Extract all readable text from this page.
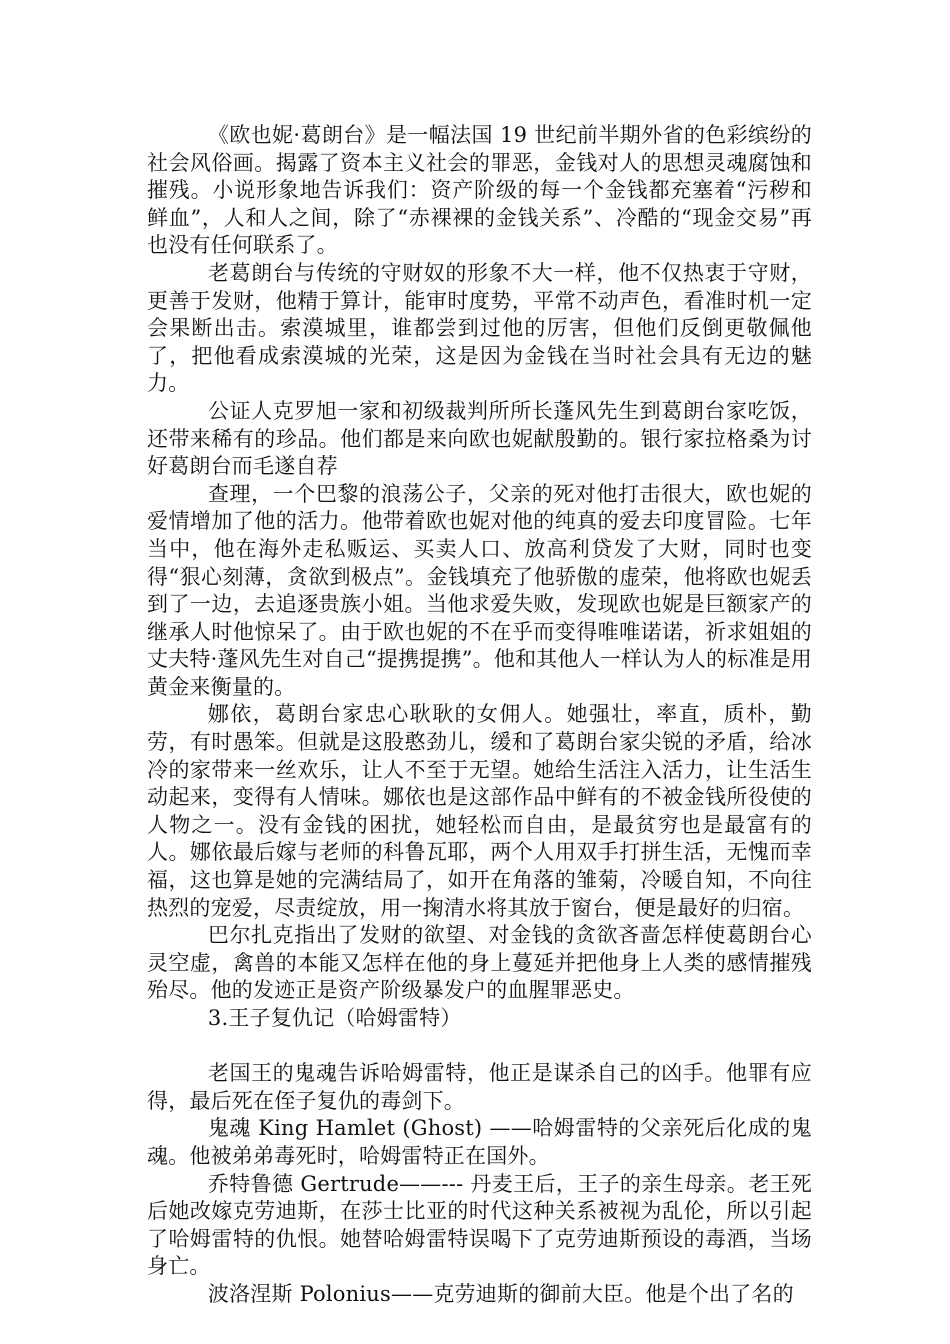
《欧也妮·葛朗台》是一幅法国 19 世纪前半期外省的色彩缤纷的社会风俗画。揭露了资本主义社会的罪恶，金钱对人的思想灵魂腐蚀和摧残。小说形象地告诉我们：资产阶级的每一个金钱都充塞着“污秽和鲜血”，人和人之间，除了“赤裸裸的金钱关系”、冷酷的“现金交易”再也没有任何联系了。

老葛朗台与传统的守财奴的形象不大一样，他不仅热衷于守财，更善于发财，他精于算计，能审时度势，平常不动声色，看准时机一定会果断出击。索漠城里，谁都尝到过他的厉害，但他们反倒更敬佩他了，把他看成索漠城的光荣，这是因为金钱在当时社会具有无边的魅力。

公证人克罗旭一家和初级裁判所所长蓬风先生到葛朗台家吃饭，还带来稀有的珍品。他们都是来向欧也妮献殷勤的。银行家拉格桑为讨好葛朗台而毛遂自荐

查理，一个巴黎的浪荡公子，父亲的死对他打击很大，欧也妮的爱情增加了他的活力。他带着欧也妮对他的纯真的爱去印度冒险。七年当中，他在海外走私贩运、买卖人口、放高利贷发了大财，同时也变得“狠心刻薄，贪欲到极点”。金钱填充了他骄傲的虚荣，他将欧也妮丢到了一边，去追逐贵族小姐。当他求爱失败，发现欧也妮是巨额家产的继承人时他惊呆了。由于欧也妮的不在乎而变得唯唯诺诺，祈求姐姐的丈夫特·蓬风先生对自己“提携提携”。他和其他人一样认为人的标准是用黄金来衡量的。

娜依，葛朗台家忠心耿耿的女佣人。她强壮，率直，质朴，勤劳，有时愚笨。但就是这股憨劲儿，缓和了葛朗台家尖锐的矛盾，给冰冷的家带来一丝欢乐，让人不至于无望。她给生活注入活力，让生活生动起来，变得有人情味。娜依也是这部作品中鲜有的不被金钱所役使的人物之一。没有金钱的困扰，她轻松而自由，是最贫穷也是最富有的人。娜依最后嫁与老师的科鲁瓦耶，两个人用双手打拼生活，无愧而幸福，这也算是她的完满结局了，如开在角落的雏菊，冷暖自知，不向往热烈的宠爱，尽责绽放，用一掬清水将其放于窗台，便是最好的归宿。

巴尔扎克指出了发财的欲望、对金钱的贪欲吝啬怎样使葛朗台心灵空虚，禽兽的本能又怎样在他的身上蔓延并把他身上人类的感情摧残殆尽。他的发迹正是资产阶级暴发户的血腥罪恶史。

3.王子复仇记（哈姆雷特）

老国王的鬼魂告诉哈姆雷特，他正是谋杀自己的凶手。他罪有应得，最后死在侄子复仇的毒剑下。

鬼魂 King Hamlet (Ghost) ——哈姆雷特的父亲死后化成的鬼魂。他被弟弟毒死时，哈姆雷特正在国外。

乔特鲁德 Gertrude——--- 丹麦王后，王子的亲生母亲。老王死后她改嫁克劳迪斯，在莎士比亚的时代这种关系被视为乱伦，所以引起了哈姆雷特的仇恨。她替哈姆雷特误喝下了克劳迪斯预设的毒酒，当场身亡。

波洛涅斯 Polonius——克劳迪斯的御前大臣。他是个出了名的
